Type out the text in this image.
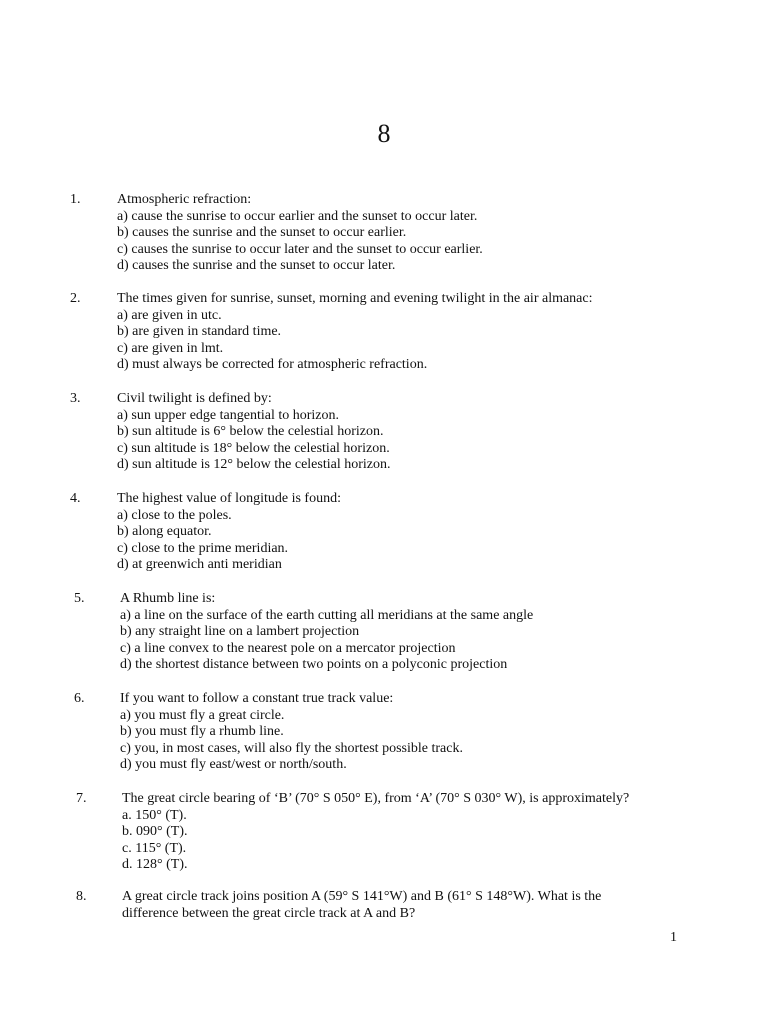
8
1.	Atmospheric refraction:
a) cause the sunrise to occur earlier and the sunset to occur later.
b) causes the sunrise and the sunset to occur earlier.
c) causes the sunrise to occur later and the sunset to occur earlier.
d) causes the sunrise and the sunset to occur later.
2.	The times given for sunrise, sunset, morning and evening twilight in the air almanac:
a) are given in utc.
b) are given in standard time.
c) are given in lmt.
d) must always be corrected for atmospheric refraction.
3.	Civil twilight is defined by:
a) sun upper edge tangential to horizon.
b) sun altitude is 6° below the celestial horizon.
c) sun altitude is 18° below the celestial horizon.
d) sun altitude is 12° below the celestial horizon.
4.	The highest value of longitude is found:
a) close to the poles.
b) along equator.
c) close to the prime meridian.
d) at greenwich anti meridian
5.	A Rhumb line is:
a) a line on the surface of the earth cutting all meridians at the same angle
b) any straight line on a lambert projection
c) a line convex to the nearest pole on a mercator projection
d) the shortest distance between two points on a polyconic projection
6.	If you want to follow a constant true track value:
a) you must fly a great circle.
b) you must fly a rhumb line.
c) you, in most cases, will also fly the shortest possible track.
d) you must fly east/west or north/south.
7.	The great circle bearing of ‘B’ (70° S 050° E), from ‘A’ (70° S 030° W), is approximately?
a. 150° (T).
b. 090° (T).
c. 115° (T).
d. 128° (T).
8.	A great circle track joins position A (59° S 141°W) and B (61° S 148°W). What is the difference between the great circle track at A and B?
1
